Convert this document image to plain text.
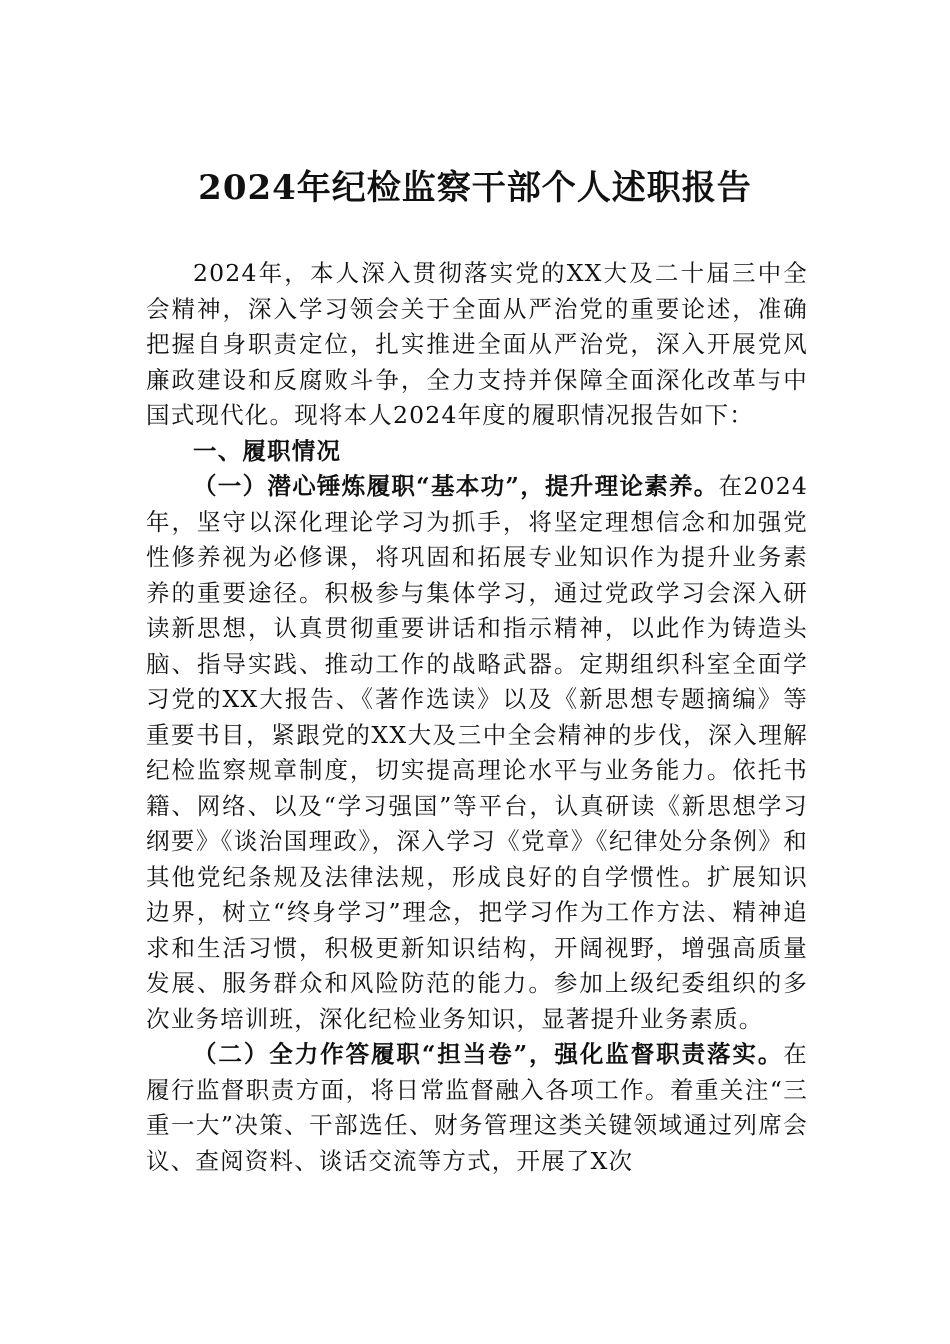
2024年纪检监察干部个人述职报告

2024年，本人深入贯彻落实党的XX大及二十届三中全会精神，深入学习领会关于全面从严治党的重要论述，准确把握自身职责定位，扎实推进全面从严治党，深入开展党风廉政建设和反腐败斗争，全力支持并保障全面深化改革与中国式现代化。现将本人2024年度的履职情况报告如下：

一、履职情况

（一）潜心锤炼履职“基本功”，提升理论素养。在2024年，坚守以深化理论学习为抓手，将坚定理想信念和加强党性修养视为必修课，将巩固和拓展专业知识作为提升业务素养的重要途径。积极参与集体学习，通过党政学习会深入研读新思想，认真贯彻重要讲话和指示精神，以此作为铸造头脑、指导实践、推动工作的战略武器。定期组织科室全面学习党的XX大报告、《著作选读》以及《新思想专题摘编》等重要书目，紧跟党的XX大及三中全会精神的步伐，深入理解纪检监察规章制度，切实提高理论水平与业务能力。依托书籍、网络、以及“学习强国”等平台，认真研读《新思想学习纲要》《谈治国理政》，深入学习《党章》《纪律处分条例》和其他党纪条规及法律法规，形成良好的自学惯性。扩展知识边界，树立“终身学习”理念，把学习作为工作方法、精神追求和生活习惯，积极更新知识结构，开阔视野，增强高质量发展、服务群众和风险防范的能力。参加上级纪委组织的多次业务培训班，深化纪检业务知识，显著提升业务素质。

（二）全力作答履职“担当卷”，强化监督职责落实。在履行监督职责方面，将日常监督融入各项工作。着重关注“三重一大”决策、干部选任、财务管理这类关键领域通过列席会议、查阅资料、谈话交流等方式，开展了X次
